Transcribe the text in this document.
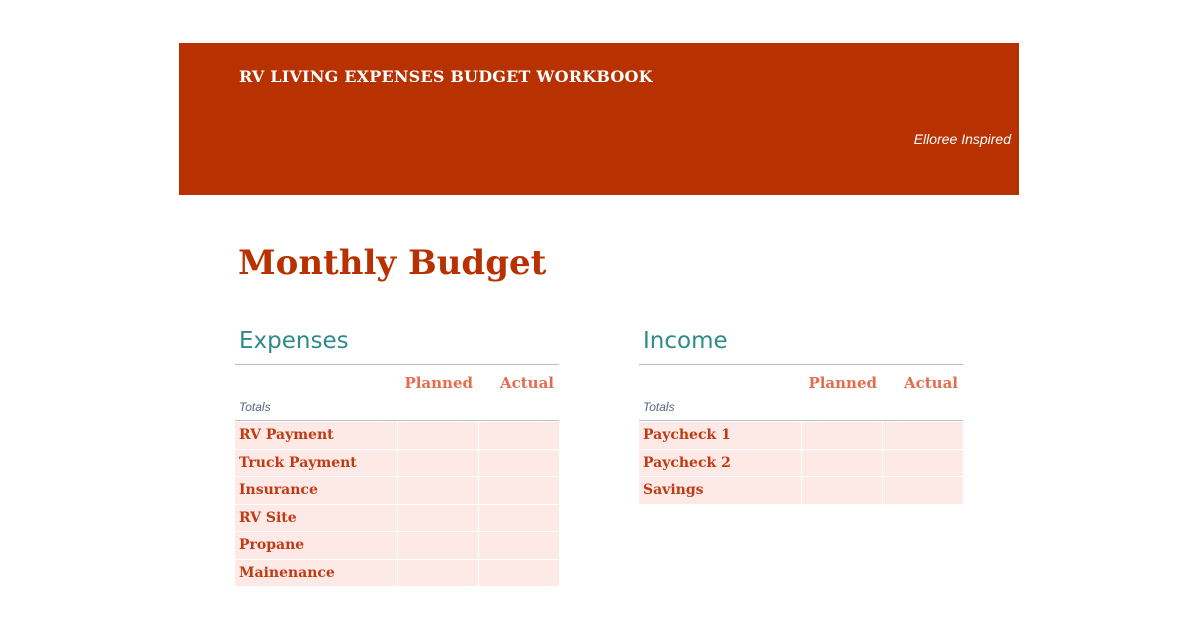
RV LIVING EXPENSES BUDGET WORKBOOK
Elloree Inspired
Monthly Budget
Expenses
Planned Actual
Totals
RV Payment
Truck Payment
Insurance
RV Site
Propane
Mainenance
Income
Planned Actual
Totals
Paycheck 1
Paycheck 2
Savings
